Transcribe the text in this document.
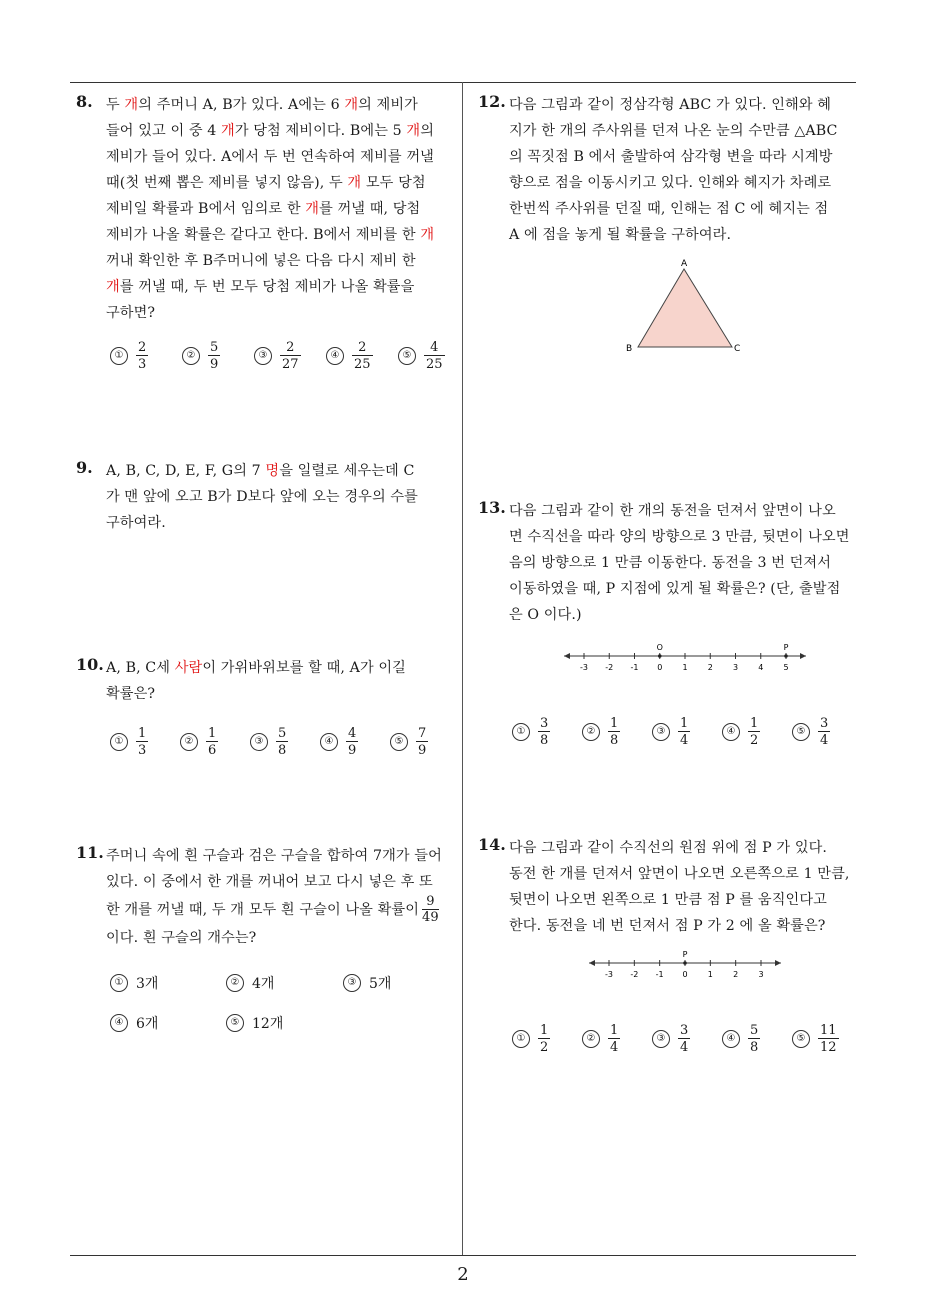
8. 두 개의 주머니 A, B가 있다. A에는 6 개의 제비가
들어 있고 이 중 4 개가 당첨 제비이다. B에는 5 개의
제비가 들어 있다. A에서 두 번 연속하여 제비를 꺼낼
때(첫 번째 뽑은 제비를 넣지 않음), 두 개 모두 당첨
제비일 확률과 B에서 임의로 한 개를 꺼낼 때, 당첨
제비가 나올 확률은 같다고 한다. B에서 제비를 한 개
꺼내 확인한 후 B주머니에 넣은 다음 다시 제비 한
개를 꺼낼 때, 두 번 모두 당첨 제비가 나올 확률을
구하면?
① $\frac{2}{3}$	② $\frac{5}{9}$	③ $\frac{2}{27}$	④ $\frac{2}{25}$	⑤ $\frac{4}{25}$
9. A, B, C, D, E, F, G의 7 명을 일렬로 세우는데 C
가 맨 앞에 오고 B가 D보다 앞에 오는 경우의 수를
구하여라.
10. A, B, C세 사람이 가위바위보를 할 때, A가 이길
확률은?
① $\frac{1}{3}$	② $\frac{1}{6}$	③ $\frac{5}{8}$	④ $\frac{4}{9}$	⑤ $\frac{7}{9}$
11. 주머니 속에 흰 구슬과 검은 구슬을 합하여 7개가 들어
있다. 이 중에서 한 개를 꺼내어 보고 다시 넣은 후 또
한 개를 꺼낼 때, 두 개 모두 흰 구슬이 나올 확률이 $\frac{9}{49}$
이다. 흰 구슬의 개수는?
① 3개	② 4개	③ 5개
④ 6개	⑤ 12개
12. 다음 그림과 같이 정삼각형 ABC 가 있다. 인해와 혜
지가 한 개의 주사위를 던져 나온 눈의 수만큼 △ABC
의 꼭짓점 B 에서 출발하여 삼각형 변을 따라 시계방
향으로 점을 이동시키고 있다. 인해와 혜지가 차례로
한번씩 주사위를 던질 때, 인해는 점 C 에 혜지는 점
A 에 점을 놓게 될 확률을 구하여라.
A
B	C
13. 다음 그림과 같이 한 개의 동전을 던져서 앞면이 나오
면 수직선을 따라 양의 방향으로 3 만큼, 뒷면이 나오면
음의 방향으로 1 만큼 이동한다. 동전을 3 번 던져서
이동하였을 때, P 지점에 있게 될 확률은? (단, 출발점
은 O 이다.)
-3 -2 -1 0	1	2	3	4	5
O	P
① $\frac{3}{8}$	② $\frac{1}{8}$	③ $\frac{1}{4}$	④ $\frac{1}{2}$	⑤ $\frac{3}{4}$
14. 다음 그림과 같이 수직선의 원점 위에 점 P 가 있다.
동전 한 개를 던져서 앞면이 나오면 오른쪽으로 1 만큼,
뒷면이 나오면 왼쪽으로 1 만큼 점 P 를 움직인다고
한다. 동전을 네 번 던져서 점 P 가 2 에 올 확률은?
-3 -2 -1 0	1	2	3
P
① $\frac{1}{2}$	② $\frac{1}{4}$	③ $\frac{3}{4}$	④ $\frac{5}{8}$	⑤ $\frac{11}{12}$
2
